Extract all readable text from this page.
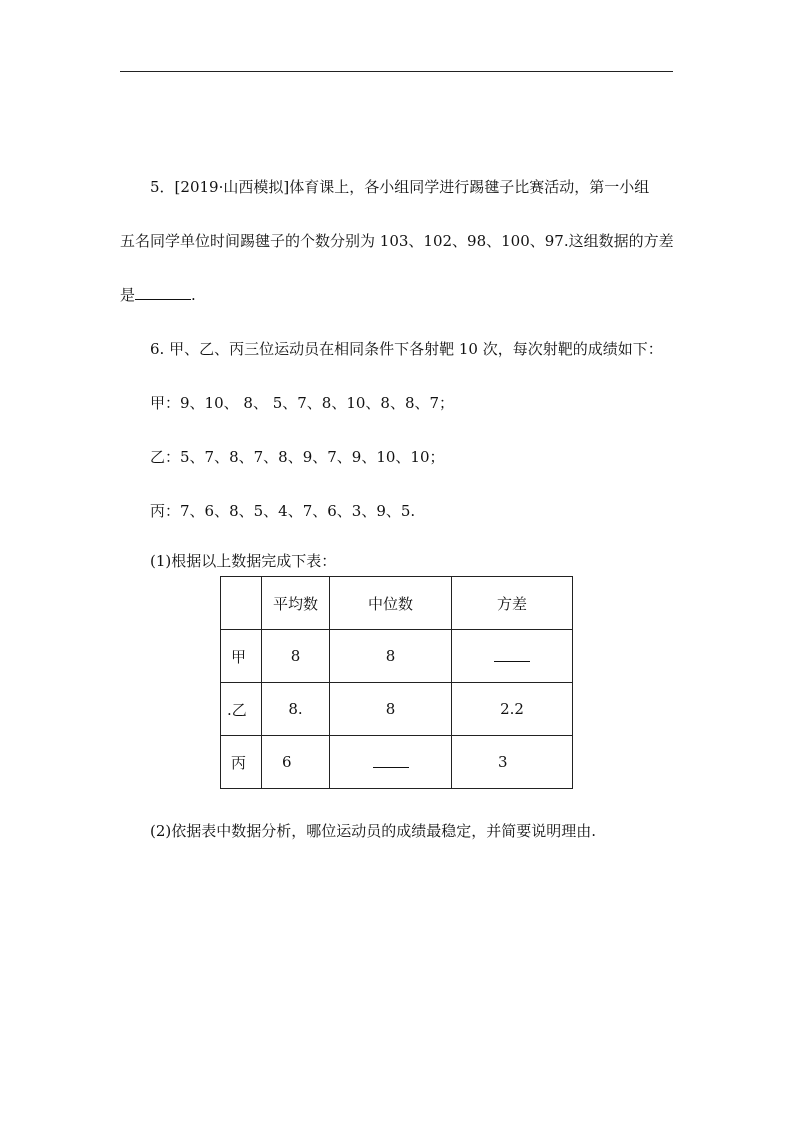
5．[2019·山西模拟]体育课上，各小组同学进行踢毽子比赛活动，第一小组
五名同学单位时间踢毽子的个数分别为 103、102、98、100、97.这组数据的方差
是	.
6. 甲、乙、丙三位运动员在相同条件下各射靶 10 次，每次射靶的成绩如下：
甲：9、10、 8、 5、7、8、10、8、8、7；
乙：5、7、8、7、8、9、7、9、10、10；
丙：7、6、8、5、4、7、6、3、9、5.
(1)根据以上数据完成下表：
	平均数	中位数	方差
甲	8	8	
.乙	8.	8	2.2
丙	6		3
(2)依据表中数据分析，哪位运动员的成绩最稳定，并简要说明理由.
